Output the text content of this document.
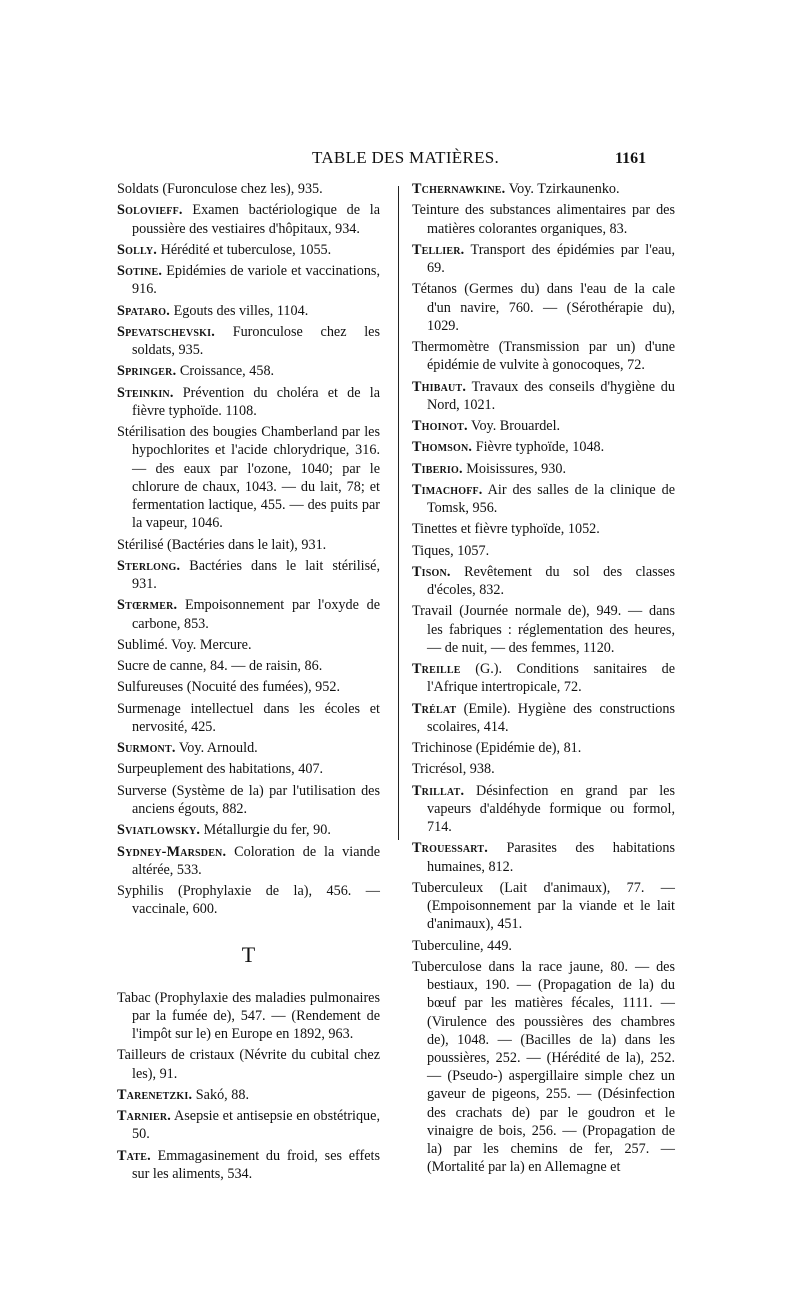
TABLE DES MATIÈRES.	1161

Soldats (Furonculose chez les), 935.

Solovieff. Examen bactériologique de la poussière des vestiaires d'hôpitaux, 934.

Solly. Hérédité et tuberculose, 1055.

Sotine. Epidémies de variole et vaccinations, 916.

Spataro. Egouts des villes, 1104.

Spevatschevski. Furonculose chez les soldats, 935.

Springer. Croissance, 458.

Steinkin. Prévention du choléra et de la fièvre typhoïde. 1108.

Stérilisation des bougies Chamberland par les hypochlorites et l'acide chlorydrique, 316. — des eaux par l'ozone, 1040; par le chlorure de chaux, 1043. — du lait, 78; et fermentation lactique, 455. — des puits par la vapeur, 1046.

Stérilisé (Bactéries dans le lait), 931.

Sterlong. Bactéries dans le lait stérilisé, 931.

Stœrmer. Empoisonnement par l'oxyde de carbone, 853.

Sublimé. Voy. Mercure.

Sucre de canne, 84. — de raisin, 86.

Sulfureuses (Nocuité des fumées), 952.

Surmenage intellectuel dans les écoles et nervosité, 425.

Surmont. Voy. Arnould.

Surpeuplement des habitations, 407.

Surverse (Système de la) par l'utilisation des anciens égouts, 882.

Sviatlowsky. Métallurgie du fer, 90.

Sydney-Marsden. Coloration de la viande altérée, 533.

Syphilis (Prophylaxie de la), 456. — vaccinale, 600.

T

Tabac (Prophylaxie des maladies pulmonaires par la fumée de), 547. — (Rendement de l'impôt sur le) en Europe en 1892, 963.

Tailleurs de cristaux (Névrite du cubital chez les), 91.

Tarenetzki. Sakó, 88.

Tarnier. Asepsie et antisepsie en obstétrique, 50.

Tate. Emmagasinement du froid, ses effets sur les aliments, 534.

Tchernawkine. Voy. Tzirkaunenko.

Teinture des substances alimentaires par des matières colorantes organiques, 83.

Tellier. Transport des épidémies par l'eau, 69.

Tétanos (Germes du) dans l'eau de la cale d'un navire, 760. — (Sérothérapie du), 1029.

Thermomètre (Transmission par un) d'une épidémie de vulvite à gonocoques, 72.

Thibaut. Travaux des conseils d'hygiène du Nord, 1021.

Thoinot. Voy. Brouardel.

Thomson. Fièvre typhoïde, 1048.

Tiberio. Moisissures, 930.

Timachoff. Air des salles de la clinique de Tomsk, 956.

Tinettes et fièvre typhoïde, 1052.

Tiques, 1057.

Tison. Revêtement du sol des classes d'écoles, 832.

Travail (Journée normale de), 949. — dans les fabriques : réglementation des heures, — de nuit, — des femmes, 1120.

Treille (G.). Conditions sanitaires de l'Afrique intertropicale, 72.

Trélat (Emile). Hygiène des constructions scolaires, 414.

Trichinose (Epidémie de), 81.

Tricrésol, 938.

Trillat. Désinfection en grand par les vapeurs d'aldéhyde formique ou formol, 714.

Trouessart. Parasites des habitations humaines, 812.

Tuberculeux (Lait d'animaux), 77. — (Empoisonnement par la viande et le lait d'animaux), 451.

Tuberculine, 449.

Tuberculose dans la race jaune, 80. — des bestiaux, 190. — (Propagation de la) du bœuf par les matières fécales, 1111. — (Virulence des poussières des chambres de), 1048. — (Bacilles de la) dans les poussières, 252. — (Hérédité de la), 252. — (Pseudo-) aspergillaire simple chez un gaveur de pigeons, 255. — (Désinfection des crachats de) par le goudron et le vinaigre de bois, 256. — (Propagation de la) par les chemins de fer, 257. — (Mortalité par la) en Allemagne et
